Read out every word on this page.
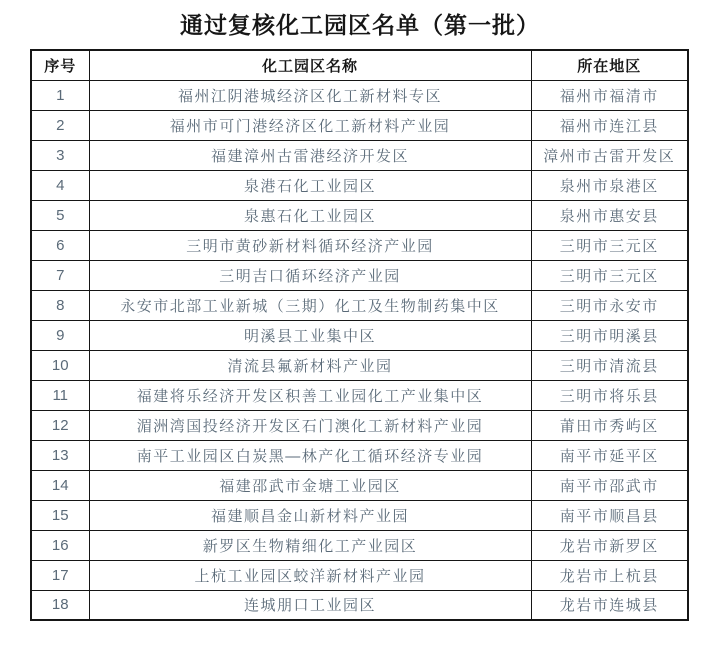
通过复核化工园区名单（第一批）
序号	化工园区名称	所在地区
1	福州江阴港城经济区化工新材料专区	福州市福清市
2	福州市可门港经济区化工新材料产业园	福州市连江县
3	福建漳州古雷港经济开发区	漳州市古雷开发区
4	泉港石化工业园区	泉州市泉港区
5	泉惠石化工业园区	泉州市惠安县
6	三明市黄砂新材料循环经济产业园	三明市三元区
7	三明吉口循环经济产业园	三明市三元区
8	永安市北部工业新城（三期）化工及生物制药集中区	三明市永安市
9	明溪县工业集中区	三明市明溪县
10	清流县氟新材料产业园	三明市清流县
11	福建将乐经济开发区积善工业园化工产业集中区	三明市将乐县
12	湄洲湾国投经济开发区石门澳化工新材料产业园	莆田市秀屿区
13	南平工业园区白炭黑—林产化工循环经济专业园	南平市延平区
14	福建邵武市金塘工业园区	南平市邵武市
15	福建顺昌金山新材料产业园	南平市顺昌县
16	新罗区生物精细化工产业园区	龙岩市新罗区
17	上杭工业园区蛟洋新材料产业园	龙岩市上杭县
18	连城朋口工业园区	龙岩市连城县
